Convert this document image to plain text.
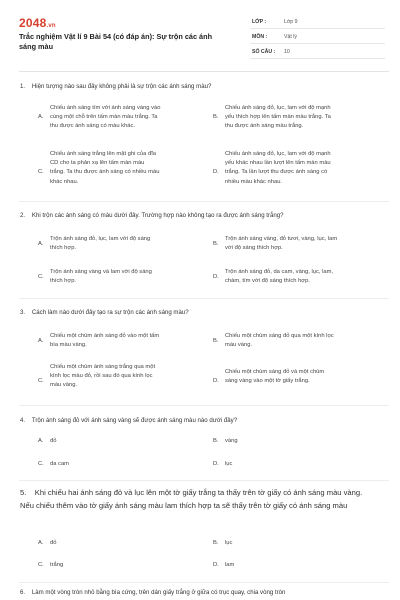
2048.vn
Trắc nghiệm Vật lí 9 Bài 54 (có đáp án): Sự trộn các ánh sáng màu
LỚP :	Lớp 9
MÔN :	Vật lý
SỐ CÂU : 10
1. Hiện tượng nào sau đây không phải là sự trộn các ánh sáng màu?
A.
Chiếu ánh sáng tím với ánh sáng vàng vào
cùng một chỗ trên tấm màn màu trắng. Ta
thu được ánh sáng có màu khác.
B.
Chiếu ánh sáng đỏ, lục, lam với độ mạnh
yếu thích hợp lên tấm màn màu trắng. Ta
thu được ánh sáng màu trắng.
C.
Chiếu ánh sáng trắng lên mặt ghi của đĩa
CD cho ta phản xạ lên tấm màn màu
trắng. Ta thu được ánh sáng có nhiều màu
khác nhau.
D.
Chiếu ánh sáng đỏ, lục, lam với độ mạnh
yếu khác nhau lần lượt lên tấm màn màu
trắng. Ta lần lượt thu được ánh sáng có
nhiều màu khác nhau.
2. Khi trộn các ánh sáng có màu dưới đây. Trường hợp nào không tạo ra được ánh sáng trắng?
A.
Trộn ánh sáng đỏ, lục, lam với độ sáng
thích hợp.
B.
Trộn ánh sáng vàng, đỏ tươi, vàng, lục, lam
với độ sáng thích hợp.
C.
Trộn ánh sáng vàng và lam với độ sáng
thích hợp.
D.
Trộn ánh sáng đỏ, da cam, vàng, lục, lam,
chàm, tím với độ sáng thích hợp.
3. Cách làm nào dưới đây tạo ra sự trộn các ánh sáng màu?
A.
Chiếu một chùm ánh sáng đỏ vào một tấm
bìa màu vàng.
B.
Chiếu một chùm sáng đỏ qua một kính lọc
màu vàng.
C.
Chiếu một chùm ánh sáng trắng qua một
kính lọc màu đỏ, rồi sau đó qua kính lọc
màu vàng.
D.
Chiếu một chùm sáng đỏ và một chùm
sáng vàng vào một tờ giấy trắng.
4. Trộn ánh sáng đỏ với ánh sáng vàng sẽ được ánh sáng màu nào dưới đây?
A. đỏ	B. vàng
C. da cam	D. lục
5. Khi chiếu hai ánh sáng đỏ và lục lên một tờ giấy trắng ta thấy trên tờ giấy có ánh sáng màu vàng. Nếu chiếu thêm vào tờ giấy ánh sáng màu lam thích hợp ta sẽ thấy trên tờ giấy có ánh sáng màu
A. đỏ	B. lục
C. trắng	D. lam
6. Làm một vòng tròn nhỏ bằng bìa cứng, trên dán giấy trắng ở giữa có trục quay, chia vòng tròn
